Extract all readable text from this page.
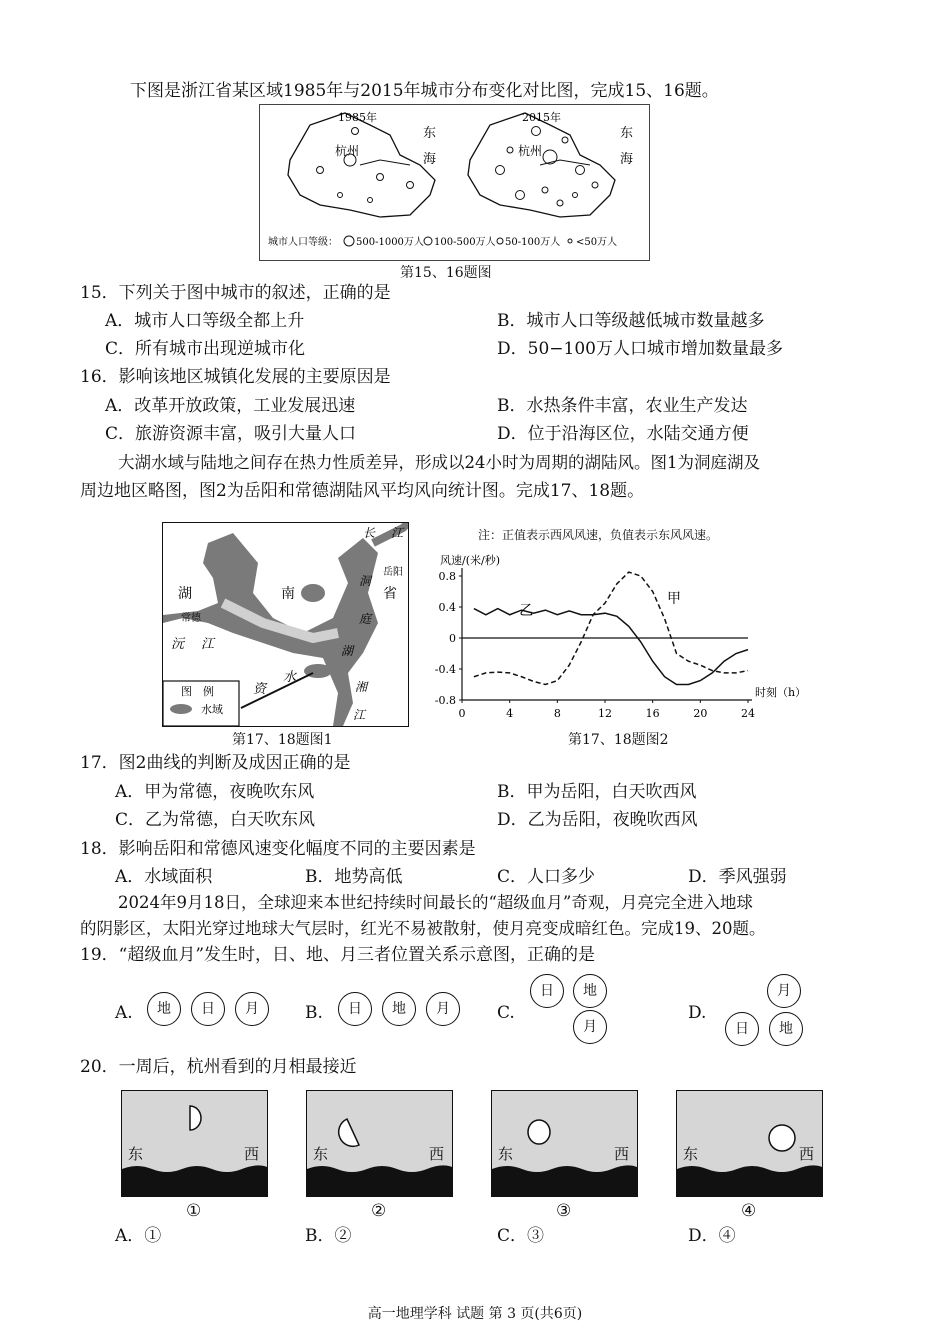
下图是浙江省某区域1985年与2015年城市分布变化对比图，完成15、16题。
1985年	2015年
杭州	杭州
东
海
东
海
城市人口等级： 500-1000万人 100-500万人 50-100万人 <50万人
第15、16题图
15．下列关于图中城市的叙述，正确的是
A．城市人口等级全都上升	B．城市人口等级越低城市数量越多
C．所有城市出现逆城市化	D．50−100万人口城市增加数量最多
16．影响该地区城镇化发展的主要原因是
A．改革开放政策，工业发展迅速	B．水热条件丰富，农业生产发达
C．旅游资源丰富，吸引大量人口	D．位于沿海区位，水陆交通方便
大湖水域与陆地之间存在热力性质差异，形成以24小时为周期的湖陆风。图1为洞庭湖及
周边地区略图，图2为岳阳和常德湖陆风平均风向统计图。完成17、18题。
湖	南	省
常德
沅 江
资
水
湘
江
长 江
岳阳
洞
庭
湖
图　例
水域
第17、18题图1
注：正值表示西风风速，负值表示东风风速。
风速/(米/秒)
时刻（h）
0.8
0.4
0
-0.4
-0.8
0	4	8	12	16	20	24
甲
乙
第17、18题图2
17．图2曲线的判断及成因正确的是
A．甲为常德，夜晚吹东风	B．甲为岳阳，白天吹西风
C．乙为常德，白天吹东风	D．乙为岳阳，夜晚吹西风
18．影响岳阳和常德风速变化幅度不同的主要因素是
A．水域面积	B．地势高低	C．人口多少	D．季风强弱
2024年9月18日，全球迎来本世纪持续时间最长的“超级血月”奇观，月亮完全进入地球
的阴影区，太阳光穿过地球大气层时，红光不易被散射，使月亮变成暗红色。完成19、20题。
19．“超级血月”发生时，日、地、月三者位置关系示意图，正确的是
A.	地	日	月	B.	日	地	月	C.
日	地
月
D.
月
日	地
20．一周后，杭州看到的月相最接近
东	西	东	西	东	西	东	西
①	②	③	④
A．①	B．②	C．③	D．④
高一地理学科 试题 第 3 页(共6页)
